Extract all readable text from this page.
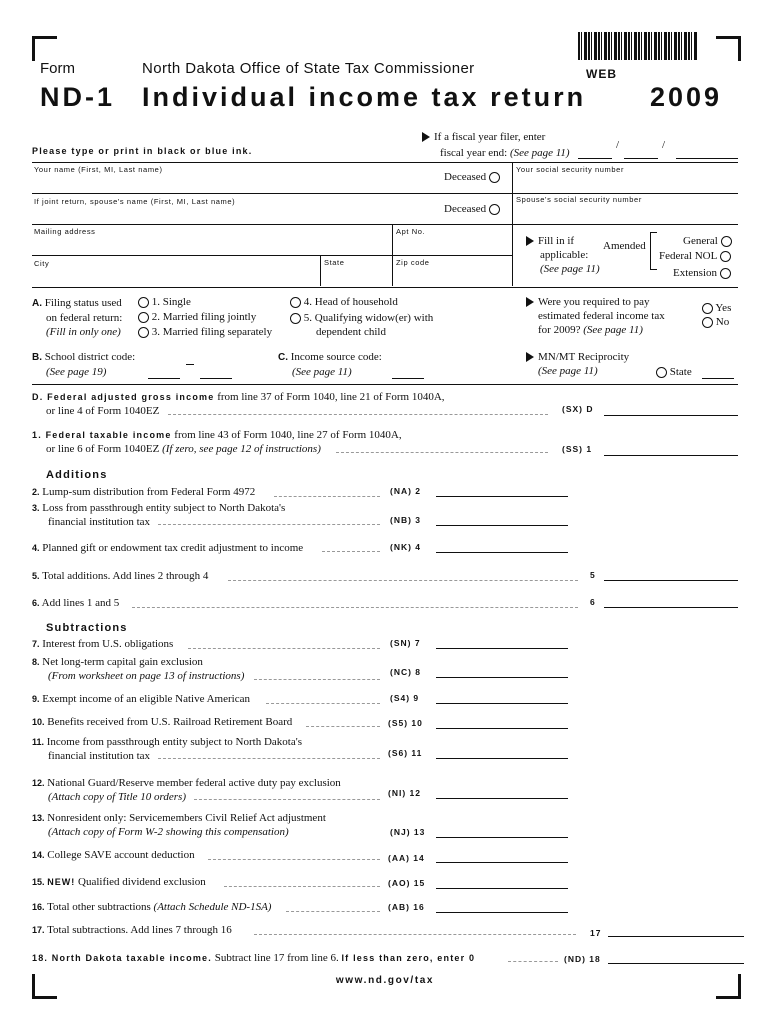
Form	North Dakota Office of State Tax Commissioner	WEB
ND-1 Individual income tax return 2009
Please type or print in black or blue ink.
If a fiscal year filer, enter
fiscal year end: (See page 11)
/	/
Your name (First, MI, Last name)
Deceased
Your social security number
If joint return, spouse's name (First, MI, Last name)
Deceased
Spouse's social security number
Mailing address	Apt No.
City	State	Zip code
Fill in if
applicable:
(See page 11)
Amended	General
Federal NOL
Extension
A. Filing status used
on federal return:
(Fill in only one)
1. Single
2. Married filing jointly
3. Married filing separately
4. Head of household
5. Qualifying widow(er) with
dependent child
Were you required to pay
estimated federal income tax
for 2009? (See page 11)
Yes
No
B. School district code:
(See page 19)
C. Income source code:
(See page 11)
MN/MT Reciprocity
(See page 11)	State
D. Federal adjusted gross income from line 37 of Form 1040, line 21 of Form 1040A,
or line 4 of Form 1040EZ	(SX) D
1. Federal taxable income from line 43 of Form 1040, line 27 of Form 1040A,
or line 6 of Form 1040EZ (If zero, see page 12 of instructions)	(SS) 1
Additions
2. Lump-sum distribution from Federal Form 4972	(NA) 2
3. Loss from passthrough entity subject to North Dakota's
financial institution tax	(NB) 3
4. Planned gift or endowment tax credit adjustment to income	(NK) 4
5. Total additions. Add lines 2 through 4	5
6. Add lines 1 and 5	6
Subtractions
7. Interest from U.S. obligations	(SN) 7
8. Net long-term capital gain exclusion
(From worksheet on page 13 of instructions)	(NC) 8
9. Exempt income of an eligible Native American	(S4) 9
10. Benefits received from U.S. Railroad Retirement Board	(S5) 10
11. Income from passthrough entity subject to North Dakota's
financial institution tax	(S6) 11
12. National Guard/Reserve member federal active duty pay exclusion
(Attach copy of Title 10 orders)	(NI) 12
13. Nonresident only: Servicemembers Civil Relief Act adjustment
(Attach copy of Form W-2 showing this compensation)	(NJ) 13
14. College SAVE account deduction	(AA) 14
15. NEW! Qualified dividend exclusion	(AO) 15
16. Total other subtractions (Attach Schedule ND-1SA)	(AB) 16
17. Total subtractions. Add lines 7 through 16	17
18. North Dakota taxable income. Subtract line 17 from line 6. If less than zero, enter 0	(ND) 18
www.nd.gov/tax
